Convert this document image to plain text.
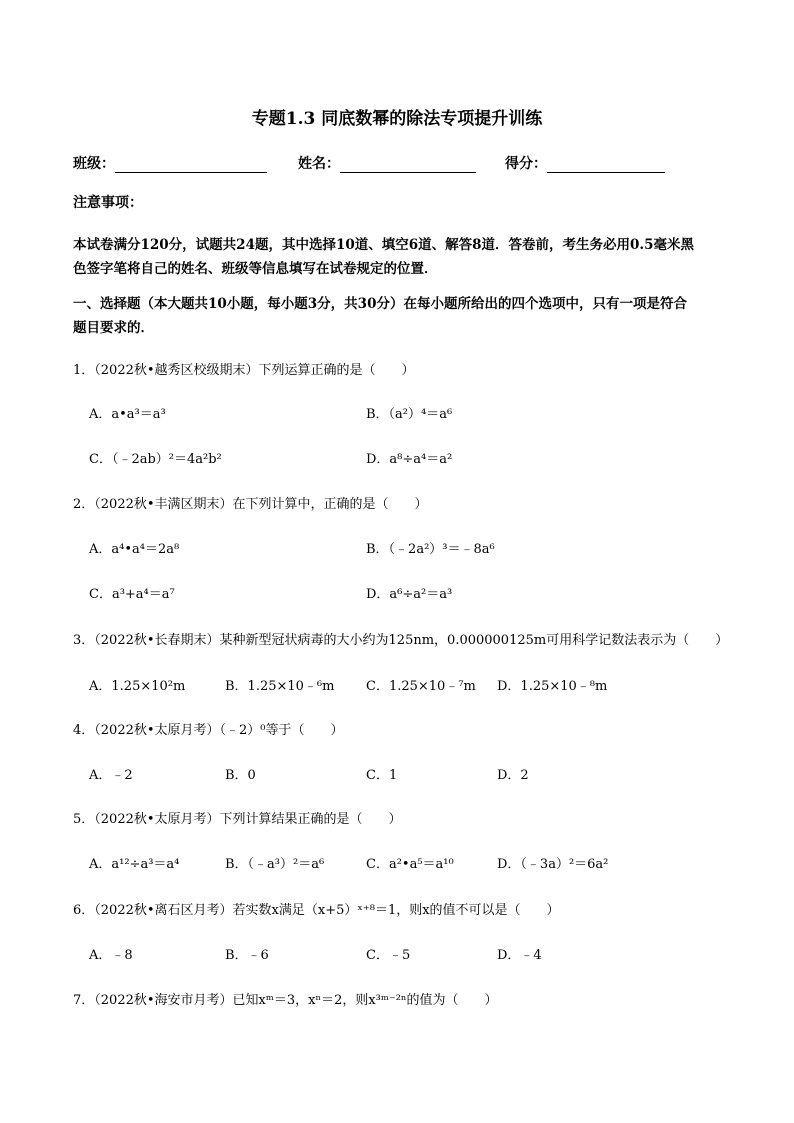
专题1.3 同底数幂的除法专项提升训练
班级：	姓名：	得分：
注意事项：
本试卷满分120分，试题共24题，其中选择10道、填空6道、解答8道．答卷前，考生务必用0.5毫米黑
色签字笔将自己的姓名、班级等信息填写在试卷规定的位置．
一、选择题（本大题共10小题，每小题3分，共30分）在每小题所给出的四个选项中，只有一项是符合
题目要求的．
1．（2022秋•越秀区校级期末）下列运算正确的是（　　）
A．a•a³＝a³	B．（a²）⁴＝a⁶
C．（﹣2ab）²＝4a²b²	D．a⁸÷a⁴＝a²
2．（2022秋•丰满区期末）在下列计算中，正确的是（　　）
A．a⁴•a⁴＝2a⁸	B．（﹣2a²）³＝﹣8a⁶
C．a³+a⁴＝a⁷	D．a⁶÷a²＝a³
3．（2022秋•长春期末）某种新型冠状病毒的大小约为125nm，0.000000125m可用科学记数法表示为（　　）
A．1.25×10²m	B．1.25×10﹣⁶m C．1.25×10﹣⁷m D．1.25×10﹣⁸m
4．（2022秋•太原月考）（﹣2）⁰等于（　　）
A．﹣2	B．0	C．1	D．2
5．（2022秋•太原月考）下列计算结果正确的是（　　）
A．a¹²÷a³＝a⁴	B．（﹣a³）²＝a⁶	C．a²•a⁵＝a¹⁰	D．（﹣3a）²＝6a²
6．（2022秋•离石区月考）若实数x满足（x+5）ˣ⁺⁸＝1，则x的值不可以是（　　）
A．﹣8	B．﹣6	C．﹣5	D．﹣4
7．（2022秋•海安市月考）已知xᵐ＝3，xⁿ＝2，则x³ᵐ⁻²ⁿ的值为（　　）
